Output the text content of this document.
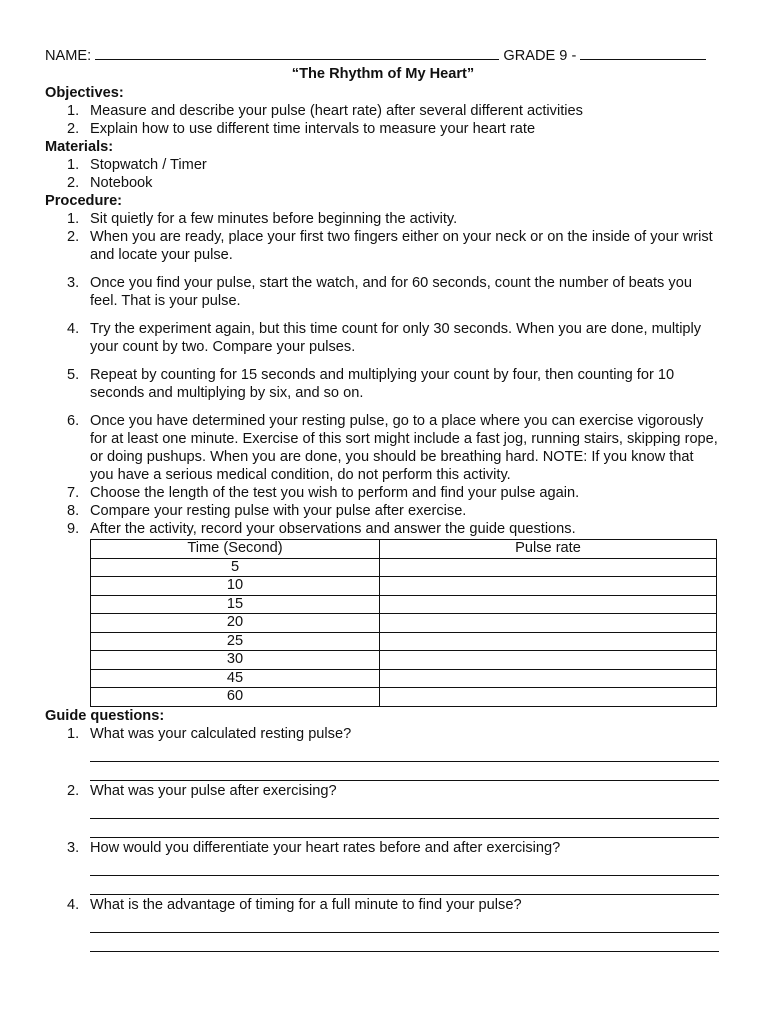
NAME:	GRADE 9 -
“The Rhythm of My Heart”
Objectives:
1. Measure and describe your pulse (heart rate) after several different activities
2. Explain how to use different time intervals to measure your heart rate
Materials:
1. Stopwatch / Timer
2. Notebook
Procedure:
1. Sit quietly for a few minutes before beginning the activity.
2. When you are ready, place your first two fingers either on your neck or on the inside of your wrist and locate your pulse.
3. Once you find your pulse, start the watch, and for 60 seconds, count the number of beats you feel. That is your pulse.
4. Try the experiment again, but this time count for only 30 seconds. When you are done, multiply your count by two. Compare your pulses.
5. Repeat by counting for 15 seconds and multiplying your count by four, then counting for 10 seconds and multiplying by six, and so on.
6. Once you have determined your resting pulse, go to a place where you can exercise vigorously for at least one minute. Exercise of this sort might include a fast jog, running stairs, skipping rope, or doing pushups. When you are done, you should be breathing hard. NOTE: If you know that you have a serious medical condition, do not perform this activity.
7. Choose the length of the test you wish to perform and find your pulse again.
8. Compare your resting pulse with your pulse after exercise.
9. After the activity, record your observations and answer the guide questions.
Time (Second)	Pulse rate
5	
10	
15	
20	
25	
30	
45	
60	
Guide questions:
1. What was your calculated resting pulse?
2. What was your pulse after exercising?
3. How would you differentiate your heart rates before and after exercising?
4. What is the advantage of timing for a full minute to find your pulse?
